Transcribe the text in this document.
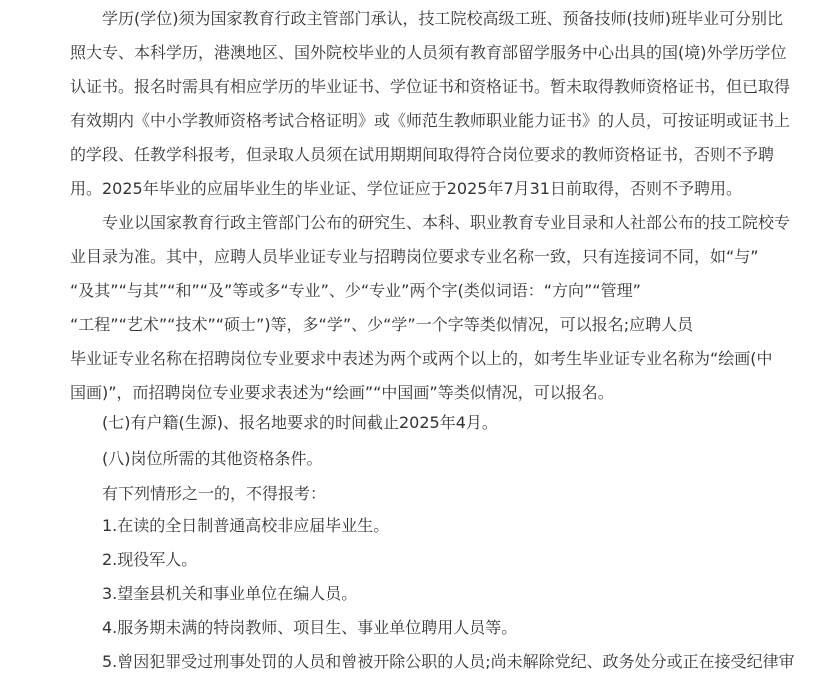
学历(学位)须为国家教育行政主管部门承认，技工院校高级工班、预备技师(技师)班毕业可分别比
照大专、本科学历，港澳地区、国外院校毕业的人员须有教育部留学服务中心出具的国(境)外学历学位
认证书。报名时需具有相应学历的毕业证书、学位证书和资格证书。暂未取得教师资格证书，但已取得
有效期内《中小学教师资格考试合格证明》或《师范生教师职业能力证书》的人员，可按证明或证书上
的学段、任教学科报考，但录取人员须在试用期期间取得符合岗位要求的教师资格证书，否则不予聘
用。2025年毕业的应届毕业生的毕业证、学位证应于2025年7月31日前取得，否则不予聘用。
专业以国家教育行政主管部门公布的研究生、本科、职业教育专业目录和人社部公布的技工院校专
业目录为准。其中，应聘人员毕业证专业与招聘岗位要求专业名称一致，只有连接词不同，如“与”
“及其”“与其”“和”“及”等或多“专业”、少“专业”两个字(类似词语：“方向”“管理”
“工程”“艺术”“技术”“硕士”)等，多“学”、少“学”一个字等类似情况，可以报名;应聘人员
毕业证专业名称在招聘岗位专业要求中表述为两个或两个以上的，如考生毕业证专业名称为“绘画(中
国画)”，而招聘岗位专业要求表述为“绘画”“中国画”等类似情况，可以报名。
(七)有户籍(生源)、报名地要求的时间截止2025年4月。
(八)岗位所需的其他资格条件。
有下列情形之一的，不得报考：
1.在读的全日制普通高校非应届毕业生。
2.现役军人。
3.望奎县机关和事业单位在编人员。
4.服务期未满的特岗教师、项目生、事业单位聘用人员等。
5.曾因犯罪受过刑事处罚的人员和曾被开除公职的人员;尚未解除党纪、政务处分或正在接受纪律审
